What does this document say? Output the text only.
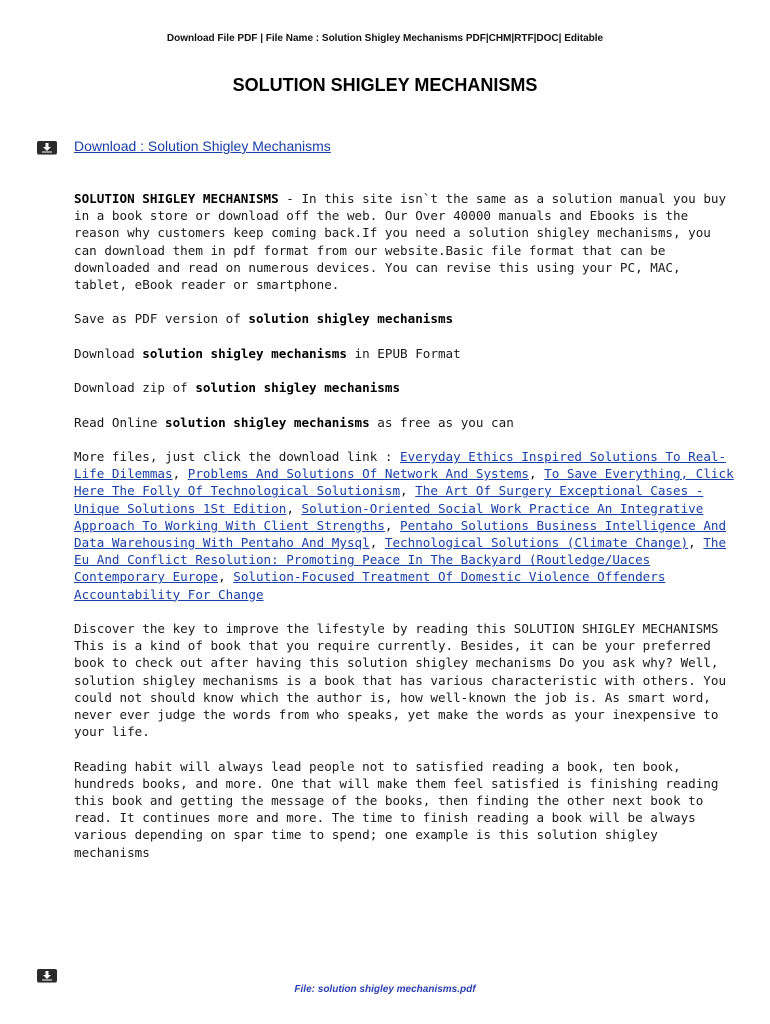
Download File PDF | File Name : Solution Shigley Mechanisms PDF|CHM|RTF|DOC| Editable
SOLUTION SHIGLEY MECHANISMS
Download : Solution Shigley Mechanisms

SOLUTION SHIGLEY MECHANISMS - In this site isn`t the same as a solution manual you buy in a book store or download off the web. Our Over 40000 manuals and Ebooks is the reason why customers keep coming back.If you need a solution shigley mechanisms, you can download them in pdf format from our website.Basic file format that can be downloaded and read on numerous devices. You can revise this using your PC, MAC, tablet, eBook reader or smartphone.

Save as PDF version of solution shigley mechanisms

Download solution shigley mechanisms in EPUB Format

Download zip of solution shigley mechanisms

Read Online solution shigley mechanisms as free as you can

More files, just click the download link : Everyday Ethics Inspired Solutions To Real-Life Dilemmas, Problems And Solutions Of Network And Systems, To Save Everything, Click Here The Folly Of Technological Solutionism, The Art Of Surgery Exceptional Cases - Unique Solutions 1St Edition, Solution-Oriented Social Work Practice An Integrative Approach To Working With Client Strengths, Pentaho Solutions Business Intelligence And Data Warehousing With Pentaho And Mysql, Technological Solutions (Climate Change), The Eu And Conflict Resolution: Promoting Peace In The Backyard (Routledge/Uaces Contemporary Europe, Solution-Focused Treatment Of Domestic Violence Offenders Accountability For Change

Discover the key to improve the lifestyle by reading this SOLUTION SHIGLEY MECHANISMS This is a kind of book that you require currently. Besides, it can be your preferred book to check out after having this solution shigley mechanisms Do you ask why? Well, solution shigley mechanisms is a book that has various characteristic with others. You could not should know which the author is, how well-known the job is. As smart word, never ever judge the words from who speaks, yet make the words as your inexpensive to your life.

Reading habit will always lead people not to satisfied reading a book, ten book, hundreds books, and more. One that will make them feel satisfied is finishing reading this book and getting the message of the books, then finding the other next book to read. It continues more and more. The time to finish reading a book will be always various depending on spar time to spend; one example is this solution shigley mechanisms

File: solution shigley mechanisms.pdf
